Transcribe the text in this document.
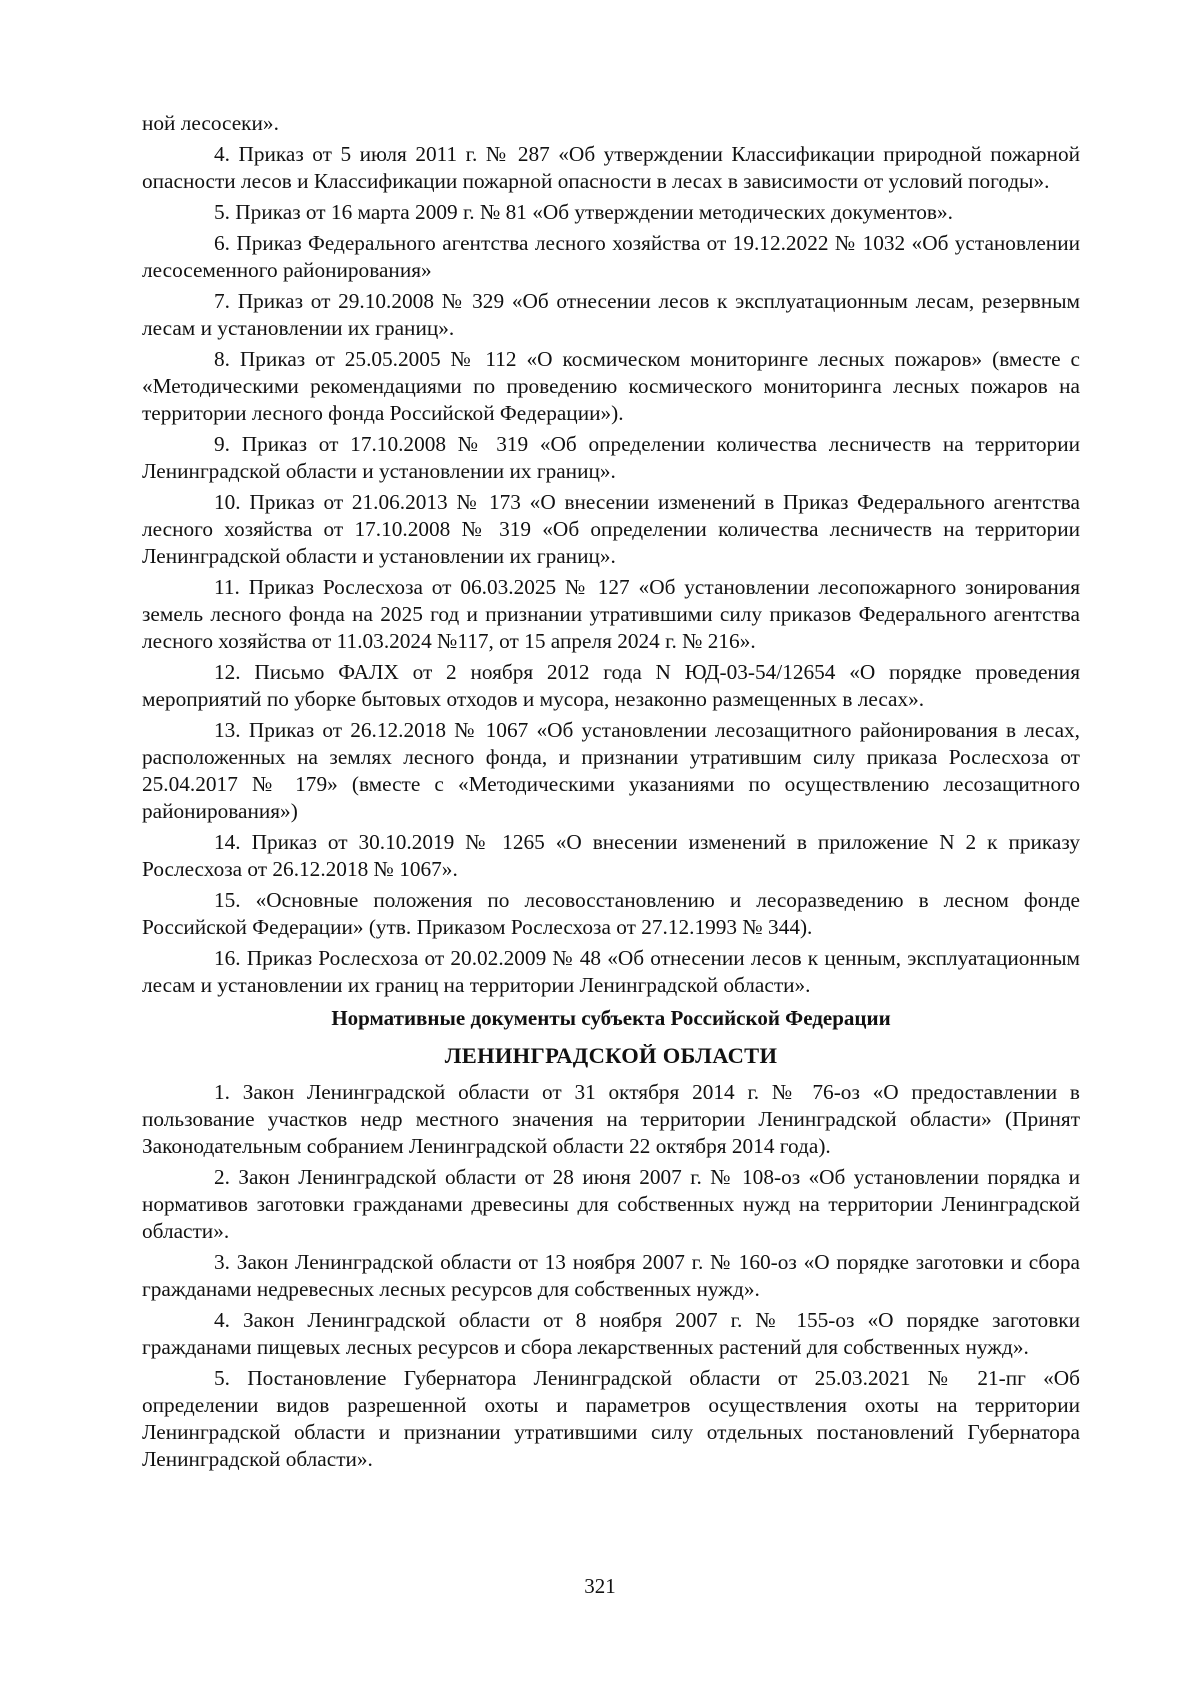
ной лесосеки».

4. Приказ от 5 июля 2011 г. № 287 «Об утверждении Классификации природной пожарной опасности лесов и Классификации пожарной опасности в лесах в зависимости от условий погоды».

5. Приказ от 16 марта 2009 г. № 81 «Об утверждении методических документов».

6. Приказ Федерального агентства лесного хозяйства от 19.12.2022 № 1032 «Об установлении лесосеменного районирования»

7. Приказ от 29.10.2008 № 329 «Об отнесении лесов к эксплуатационным лесам, резервным лесам и установлении их границ».

8. Приказ от 25.05.2005 № 112 «О космическом мониторинге лесных пожаров» (вместе с «Методическими рекомендациями по проведению космического мониторинга лесных пожаров на территории лесного фонда Российской Федерации»).

9. Приказ от 17.10.2008 № 319 «Об определении количества лесничеств на территории Ленинградской области и установлении их границ».

10. Приказ от 21.06.2013 № 173 «О внесении изменений в Приказ Федерального агентства лесного хозяйства от 17.10.2008 № 319 «Об определении количества лесничеств на территории Ленинградской области и установлении их границ».

11. Приказ Рослесхоза от 06.03.2025 № 127 «Об установлении лесопожарного зонирования земель лесного фонда на 2025 год и признании утратившими силу приказов Федерального агентства лесного хозяйства от 11.03.2024 №117, от 15 апреля 2024 г. № 216».

12. Письмо ФАЛХ от 2 ноября 2012 года N ЮД-03-54/12654 «О порядке проведения мероприятий по уборке бытовых отходов и мусора, незаконно размещенных в лесах».

13. Приказ от 26.12.2018 № 1067 «Об установлении лесозащитного районирования в лесах, расположенных на землях лесного фонда, и признании утратившим силу приказа Рослесхоза от 25.04.2017 № 179» (вместе с «Методическими указаниями по осуществлению лесозащитного районирования»)

14. Приказ от 30.10.2019 № 1265 «О внесении изменений в приложение N 2 к приказу Рослесхоза от 26.12.2018 № 1067».

15. «Основные положения по лесовосстановлению и лесоразведению в лесном фонде Российской Федерации» (утв. Приказом Рослесхоза от 27.12.1993 № 344).

16. Приказ Рослесхоза от 20.02.2009 № 48 «Об отнесении лесов к ценным, эксплуатационным лесам и установлении их границ на территории Ленинградской области».

Нормативные документы субъекта Российской Федерации
ЛЕНИНГРАДСКОЙ ОБЛАСТИ

1. Закон Ленинградской области от 31 октября 2014 г. № 76-оз «О предоставлении в пользование участков недр местного значения на территории Ленинградской области» (Принят Законодательным собранием Ленинградской области 22 октября 2014 года).

2. Закон Ленинградской области от 28 июня 2007 г. № 108-оз «Об установлении порядка и нормативов заготовки гражданами древесины для собственных нужд на территории Ленинградской области».

3. Закон Ленинградской области от 13 ноября 2007 г. № 160-оз «О порядке заготовки и сбора гражданами недревесных лесных ресурсов для собственных нужд».

4. Закон Ленинградской области от 8 ноября 2007 г. № 155-оз «О порядке заготовки гражданами пищевых лесных ресурсов и сбора лекарственных растений для собственных нужд».

5. Постановление Губернатора Ленинградской области от 25.03.2021 № 21-пг «Об определении видов разрешенной охоты и параметров осуществления охоты на территории Ленинградской области и признании утратившими силу отдельных постановлений Губернатора Ленинградской области».

321
